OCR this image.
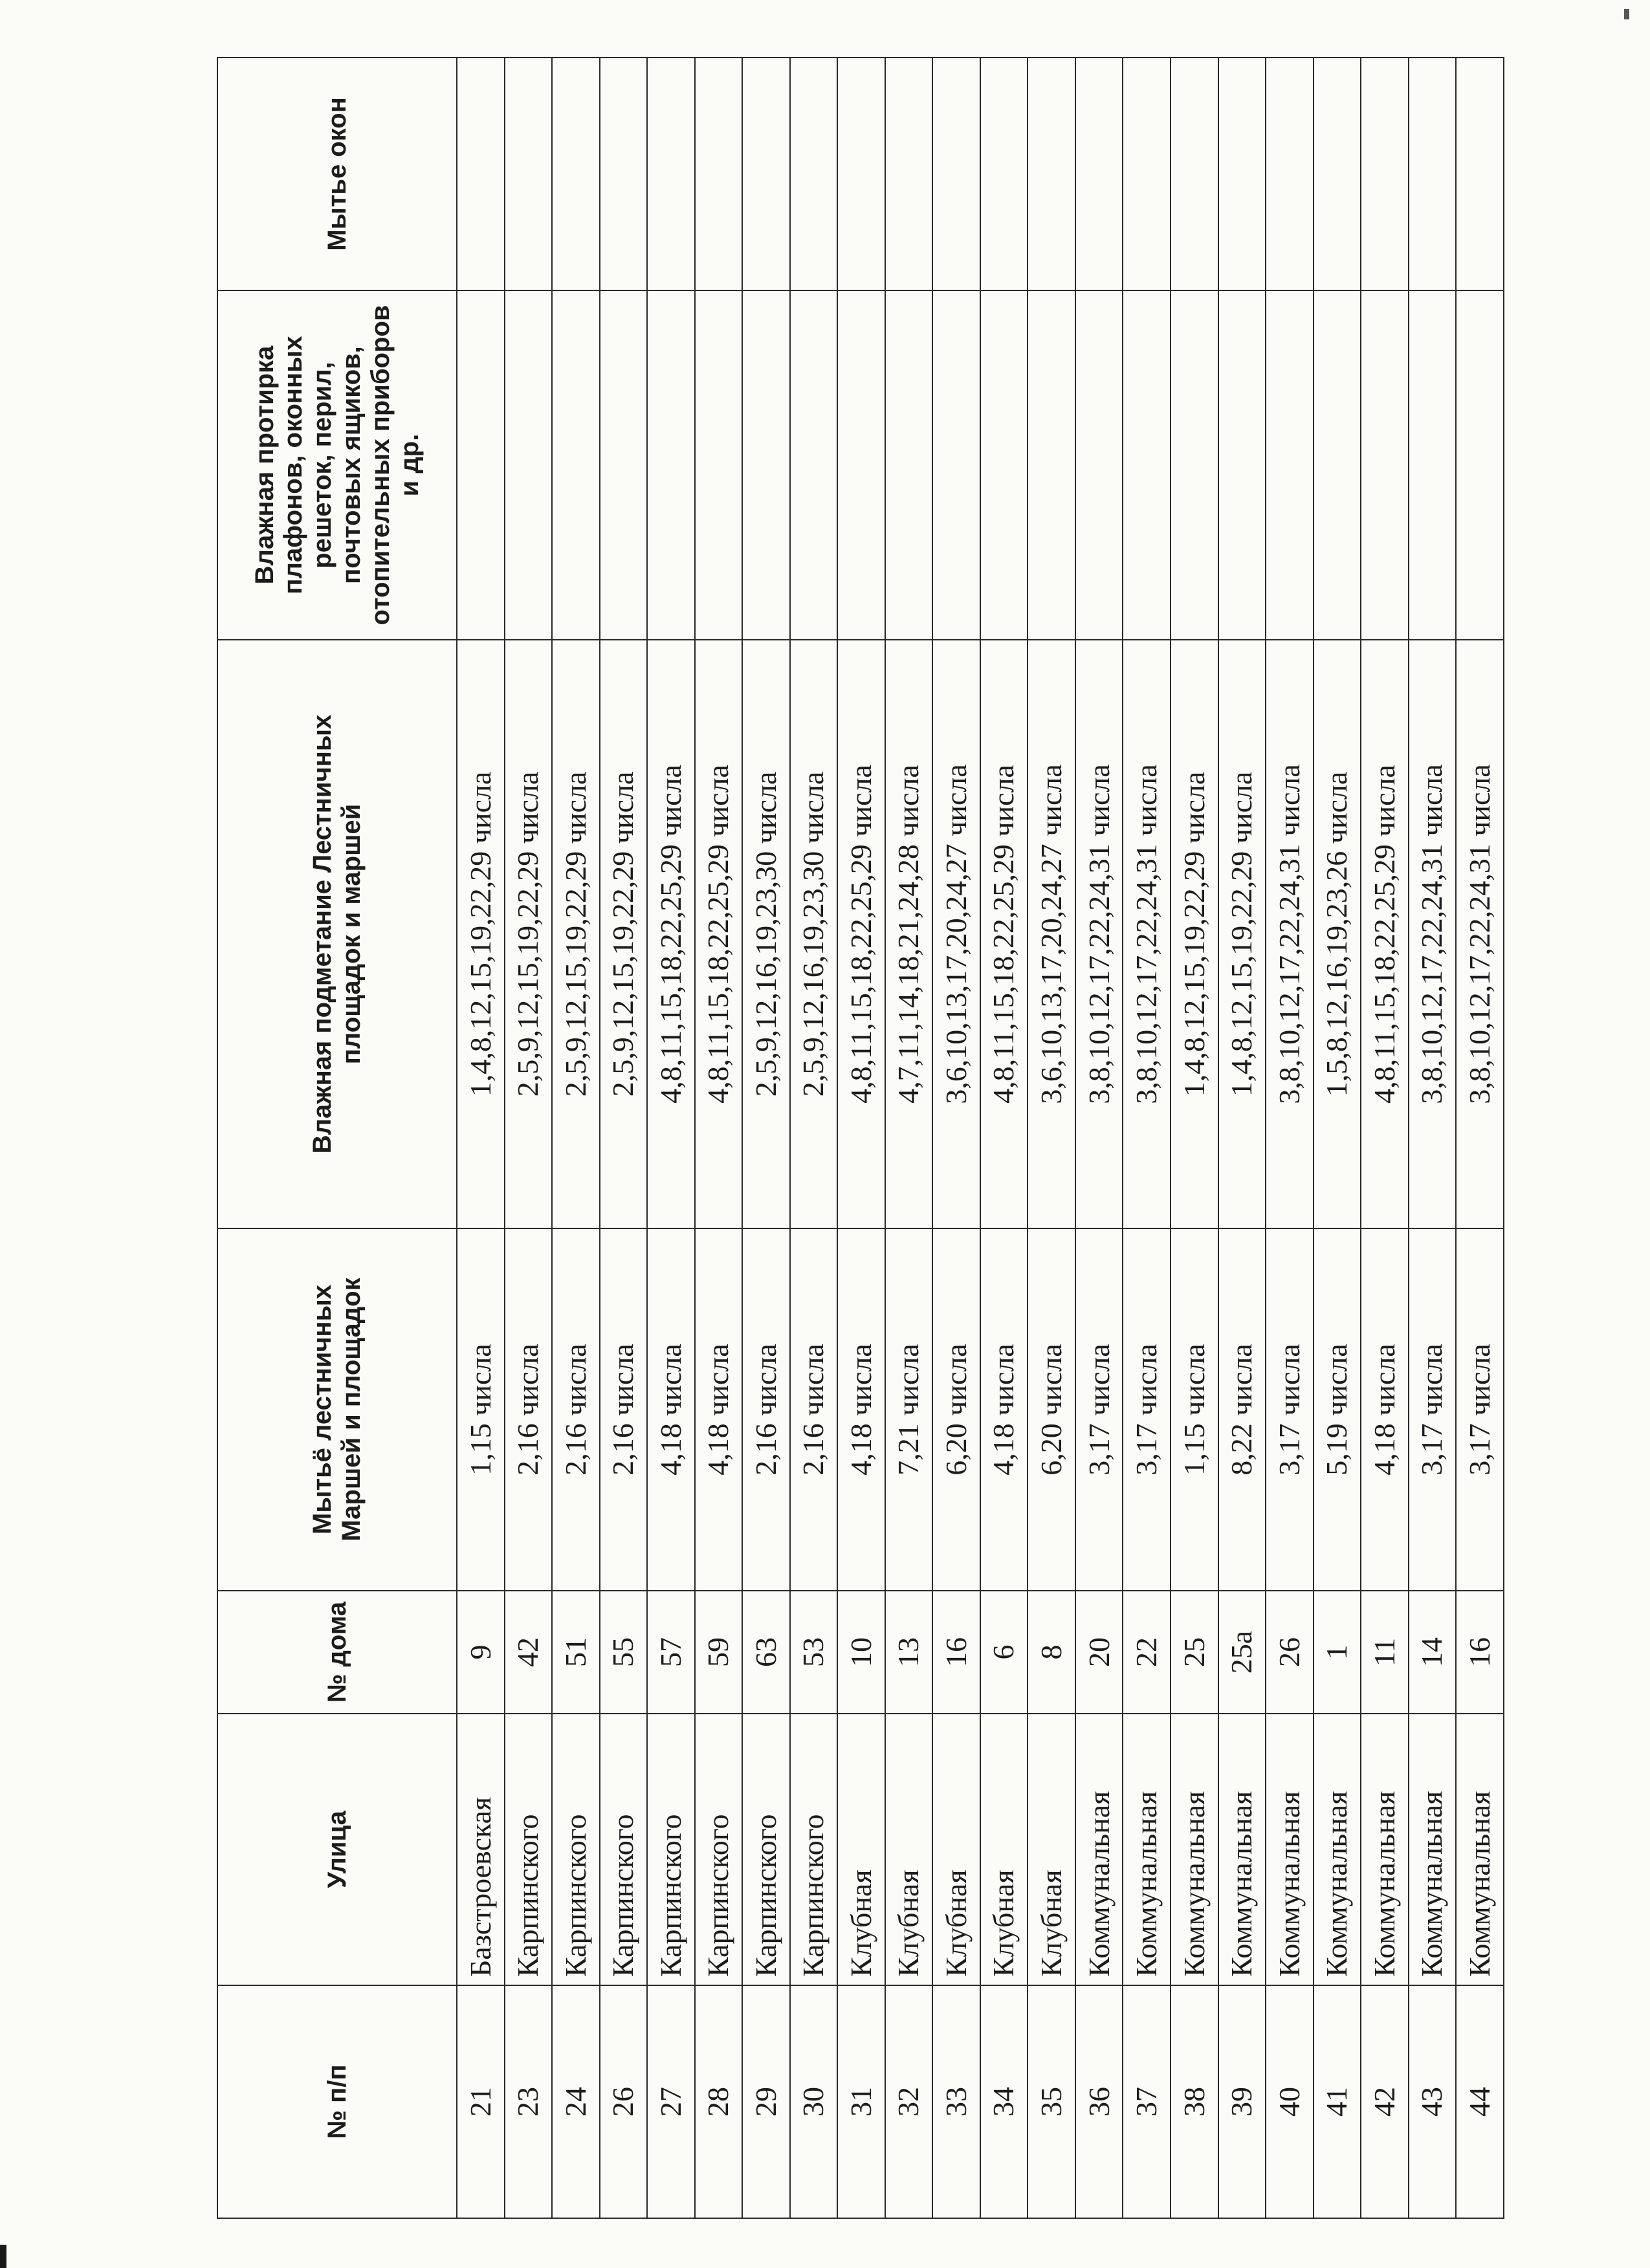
№ п/п	Улица	№ дома	Мытьё лестничных Маршей и площадок	Влажная подметание Лестничных площадок и маршей	Влажная протирка плафонов, оконных решеток, перил, почтовых ящиков, отопительных приборов и др.	Мытье окон
21	Базстроевская	9	1,15 числа	1,4,8,12,15,19,22,29 числа		
23	Карпинского	42	2,16 числа	2,5,9,12,15,19,22,29 числа		
24	Карпинского	51	2,16 числа	2,5,9,12,15,19,22,29 числа		
26	Карпинского	55	2,16 числа	2,5,9,12,15,19,22,29 числа		
27	Карпинского	57	4,18 числа	4,8,11,15,18,22,25,29 числа		
28	Карпинского	59	4,18 числа	4,8,11,15,18,22,25,29 числа		
29	Карпинского	63	2,16 числа	2,5,9,12,16,19,23,30 числа		
30	Карпинского	53	2,16 числа	2,5,9,12,16,19,23,30 числа		
31	Клубная	10	4,18 числа	4,8,11,15,18,22,25,29 числа		
32	Клубная	13	7,21 числа	4,7,11,14,18,21,24,28 числа		
33	Клубная	16	6,20 числа	3,6,10,13,17,20,24,27 числа		
34	Клубная	6	4,18 числа	4,8,11,15,18,22,25,29 числа		
35	Клубная	8	6,20 числа	3,6,10,13,17,20,24,27 числа		
36	Коммунальная	20	3,17 числа	3,8,10,12,17,22,24,31 числа		
37	Коммунальная	22	3,17 числа	3,8,10,12,17,22,24,31 числа		
38	Коммунальная	25	1,15 числа	1,4,8,12,15,19,22,29 числа		
39	Коммунальная	25а	8,22 числа	1,4,8,12,15,19,22,29 числа		
40	Коммунальная	26	3,17 числа	3,8,10,12,17,22,24,31 числа		
41	Коммунальная	1	5,19 числа	1,5,8,12,16,19,23,26 числа		
42	Коммунальная	11	4,18 числа	4,8,11,15,18,22,25,29 числа		
43	Коммунальная	14	3,17 числа	3,8,10,12,17,22,24,31 числа		
44	Коммунальная	16	3,17 числа	3,8,10,12,17,22,24,31 числа		
